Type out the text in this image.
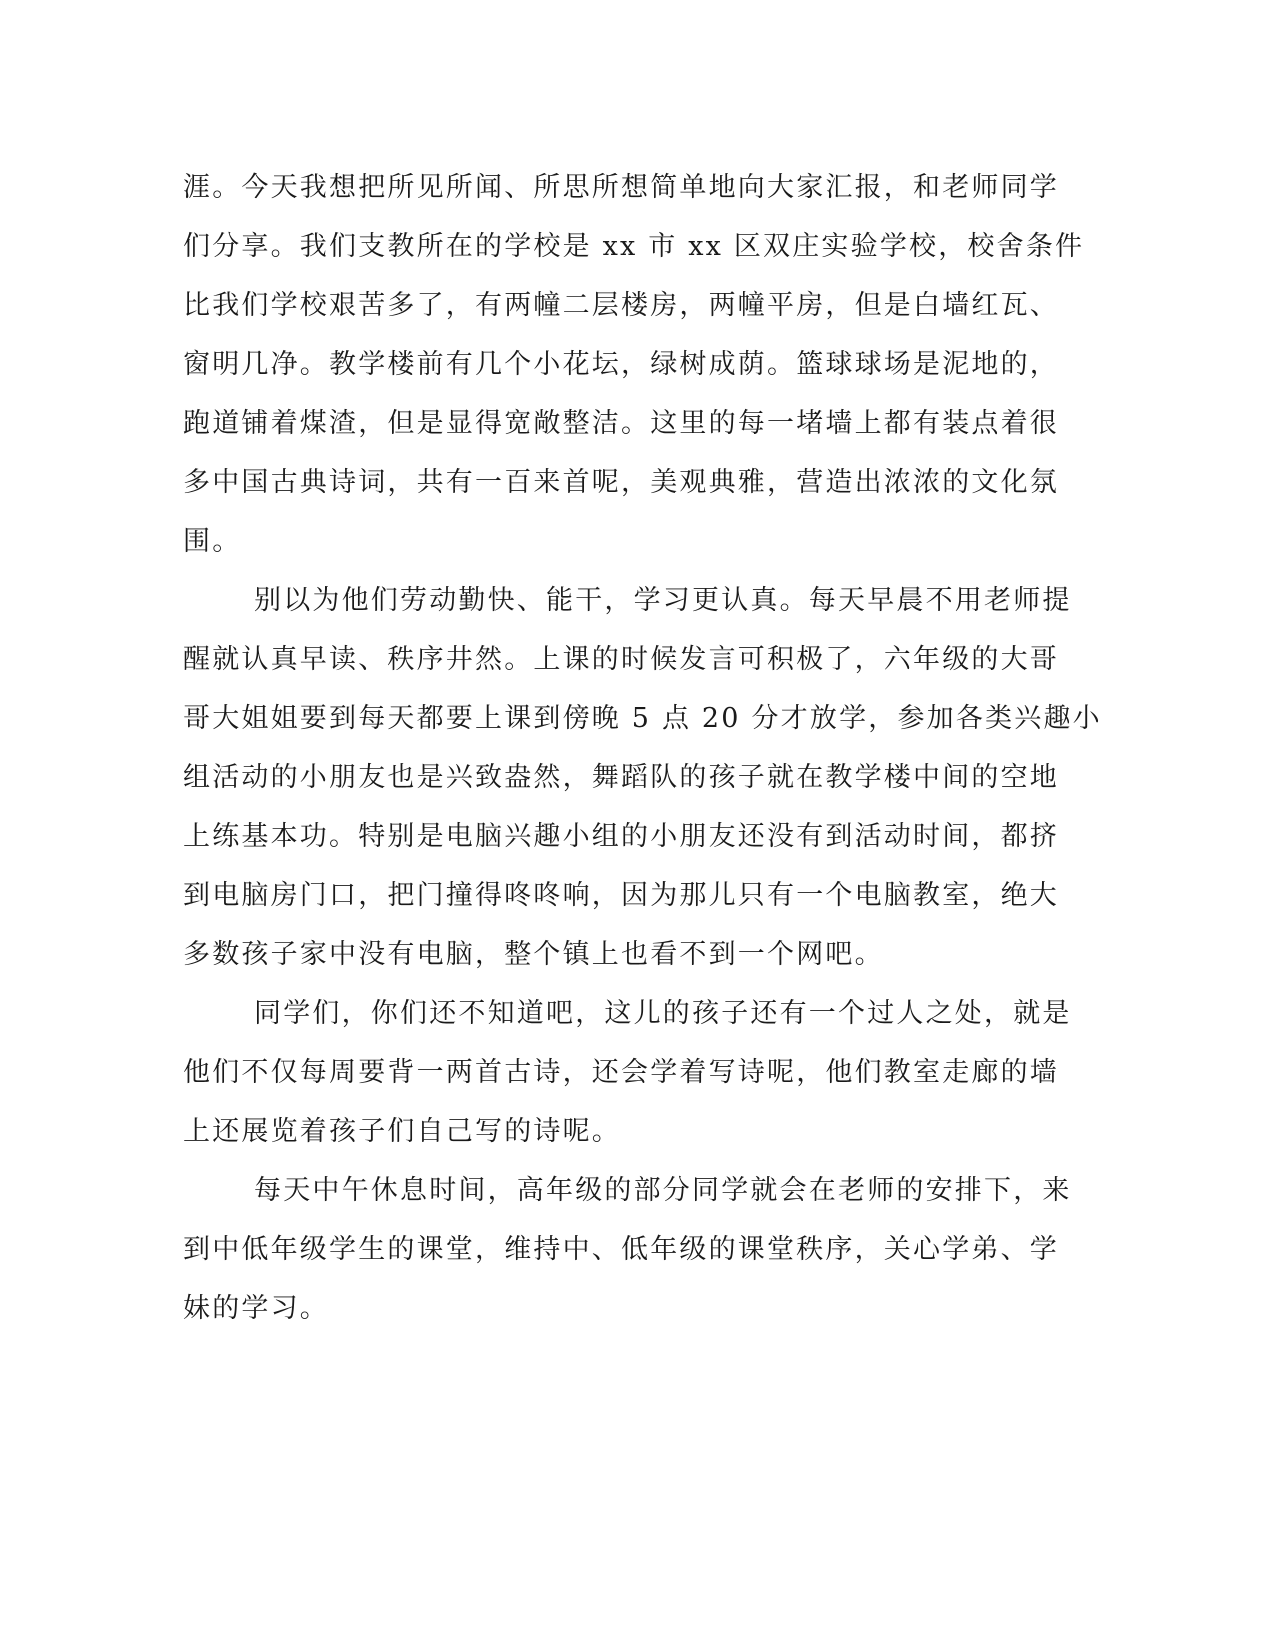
涯。今天我想把所见所闻、所思所想简单地向大家汇报，和老师同学
们分享。我们支教所在的学校是 xx 市 xx 区双庄实验学校，校舍条件
比我们学校艰苦多了，有两幢二层楼房，两幢平房，但是白墙红瓦、
窗明几净。教学楼前有几个小花坛，绿树成荫。篮球球场是泥地的，
跑道铺着煤渣，但是显得宽敞整洁。这里的每一堵墙上都有装点着很
多中国古典诗词，共有一百来首呢，美观典雅，营造出浓浓的文化氛
围。
别以为他们劳动勤快、能干，学习更认真。每天早晨不用老师提
醒就认真早读、秩序井然。上课的时候发言可积极了，六年级的大哥
哥大姐姐要到每天都要上课到傍晚 5 点 20 分才放学，参加各类兴趣小
组活动的小朋友也是兴致盎然，舞蹈队的孩子就在教学楼中间的空地
上练基本功。特别是电脑兴趣小组的小朋友还没有到活动时间，都挤
到电脑房门口，把门撞得咚咚响，因为那儿只有一个电脑教室，绝大
多数孩子家中没有电脑，整个镇上也看不到一个网吧。
同学们，你们还不知道吧，这儿的孩子还有一个过人之处，就是
他们不仅每周要背一两首古诗，还会学着写诗呢，他们教室走廊的墙
上还展览着孩子们自己写的诗呢。
每天中午休息时间，高年级的部分同学就会在老师的安排下，来
到中低年级学生的课堂，维持中、低年级的课堂秩序，关心学弟、学
妹的学习。
